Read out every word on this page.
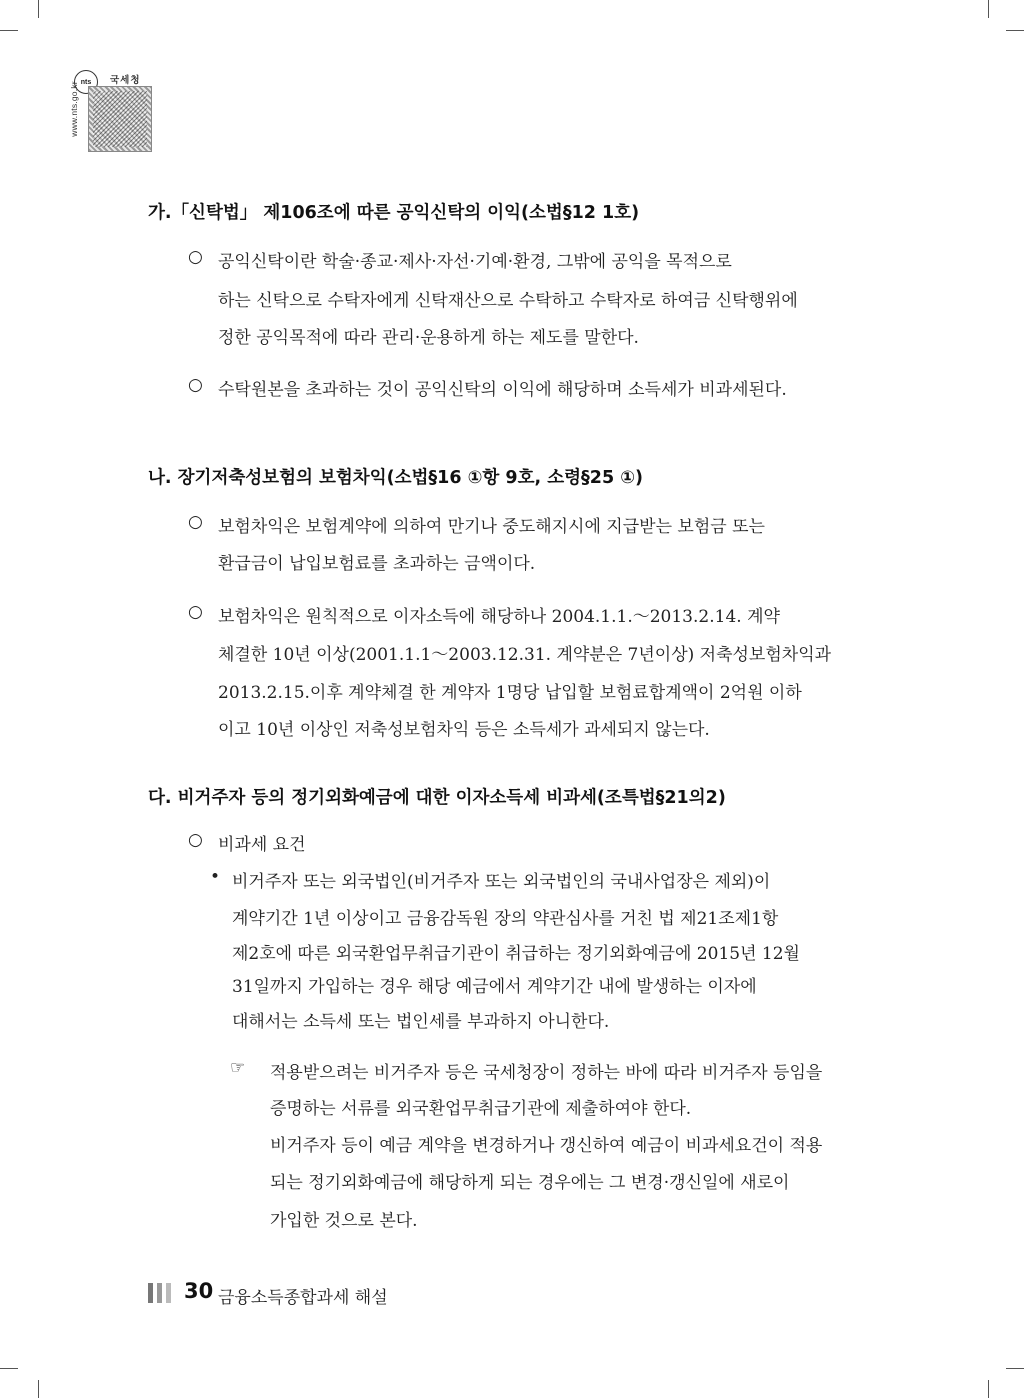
nts	국세청
www.nts.go.kr
가.「신탁법」 제106조에 따른 공익신탁의 이익(소법§12 1호)
○ 공익신탁이란 학술·종교·제사·자선·기예·환경, 그밖에 공익을 목적으로
하는 신탁으로 수탁자에게 신탁재산으로 수탁하고 수탁자로 하여금 신탁행위에
정한 공익목적에 따라 관리·운용하게 하는 제도를 말한다.
○ 수탁원본을 초과하는 것이 공익신탁의 이익에 해당하며 소득세가 비과세된다.
나. 장기저축성보험의 보험차익(소법§16 ①항 9호, 소령§25 ①)
○ 보험차익은 보험계약에 의하여 만기나 중도해지시에 지급받는 보험금 또는
환급금이 납입보험료를 초과하는 금액이다.
○ 보험차익은 원칙적으로 이자소득에 해당하나 2004.1.1.～2013.2.14. 계약
체결한 10년 이상(2001.1.1～2003.12.31. 계약분은 7년이상) 저축성보험차익과
2013.2.15.이후 계약체결 한 계약자 1명당 납입할 보험료합계액이 2억원 이하
이고 10년 이상인 저축성보험차익 등은 소득세가 과세되지 않는다.
다. 비거주자 등의 정기외화예금에 대한 이자소득세 비과세(조특법§21의2)
○ 비과세 요건
• 비거주자 또는 외국법인(비거주자 또는 외국법인의 국내사업장은 제외)이
계약기간 1년 이상이고 금융감독원 장의 약관심사를 거친 법 제21조제1항
제2호에 따른 외국환업무취급기관이 취급하는 정기외화예금에 2015년 12월
31일까지 가입하는 경우 해당 예금에서 계약기간 내에 발생하는 이자에
대해서는 소득세 또는 법인세를 부과하지 아니한다.
☞ 적용받으려는 비거주자 등은 국세청장이 정하는 바에 따라 비거주자 등임을
증명하는 서류를 외국환업무취급기관에 제출하여야 한다.
비거주자 등이 예금 계약을 변경하거나 갱신하여 예금이 비과세요건이 적용
되는 정기외화예금에 해당하게 되는 경우에는 그 변경·갱신일에 새로이
가입한 것으로 본다.
30 금융소득종합과세 해설
